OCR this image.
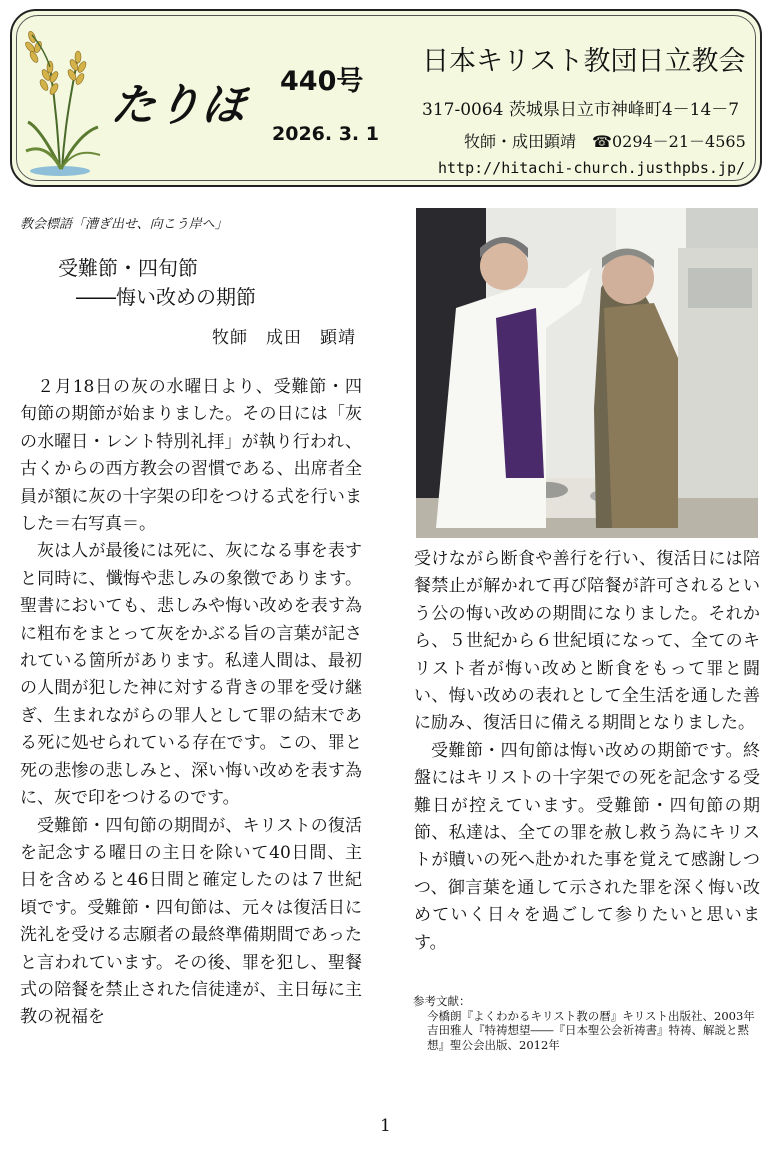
たりほ 440号
2026. 3. 1
日本キリスト教団日立教会
317-0064 茨城県日立市神峰町4－14－7
牧師・成田顕靖 ☎0294－21－4565
http://hitachi-church.justhpbs.jp/
教会標語「漕ぎ出せ、向こう岸へ」
受難節・四旬節
――悔い改めの期節
牧師　成田　顕靖

２月18日の灰の水曜日より、受難節・四旬節の期節が始まりました。その日には「灰の水曜日・レント特別礼拝」が執り行われ、古くからの西方教会の習慣である、出席者全員が額に灰の十字架の印をつける式を行いました＝右写真＝。

灰は人が最後には死に、灰になる事を表すと同時に、懺悔や悲しみの象徴であります。聖書においても、悲しみや悔い改めを表す為に粗布をまとって灰をかぶる旨の言葉が記されている箇所があります。私達人間は、最初の人間が犯した神に対する背きの罪を受け継ぎ、生まれながらの罪人として罪の結末である死に処せられている存在です。この、罪と死の悲惨の悲しみと、深い悔い改めを表す為に、灰で印をつけるのです。

受難節・四旬節の期間が、キリストの復活を記念する曜日の主日を除いて40日間、主日を含めると46日間と確定したのは７世紀頃です。受難節・四旬節は、元々は復活日に洗礼を受ける志願者の最終準備期間であったと言われています。その後、罪を犯し、聖餐式の陪餐を禁止された信徒達が、主日毎に主教の祝福を

受けながら断食や善行を行い、復活日には陪餐禁止が解かれて再び陪餐が許可されるという公の悔い改めの期間になりました。それから、５世紀から６世紀頃になって、全てのキリスト者が悔い改めと断食をもって罪と闘い、悔い改めの表れとして全生活を通した善に励み、復活日に備える期間となりました。

受難節・四旬節は悔い改めの期節です。終盤にはキリストの十字架での死を記念する受難日が控えています。受難節・四旬節の期節、私達は、全ての罪を赦し救う為にキリストが贖いの死へ赴かれた事を覚えて感謝しつつ、御言葉を通して示された罪を深く悔い改めていく日々を過ごして参りたいと思います。

参考文献：

今橋朗『よくわかるキリスト教の暦』キリスト出版社、2003年

吉田雅人『特祷想望――『日本聖公会祈祷書』特祷、解説と黙想』聖公会出版、2012年

1
